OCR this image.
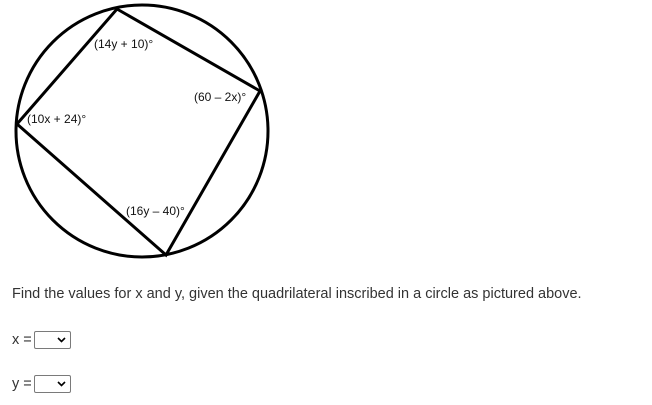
(14y + 10)°
(60 – 2x)°
(10x + 24)°
(16y – 40)°
Find the values for x and y, given the quadrilateral inscribed in a circle as pictured above.
x =
y =
